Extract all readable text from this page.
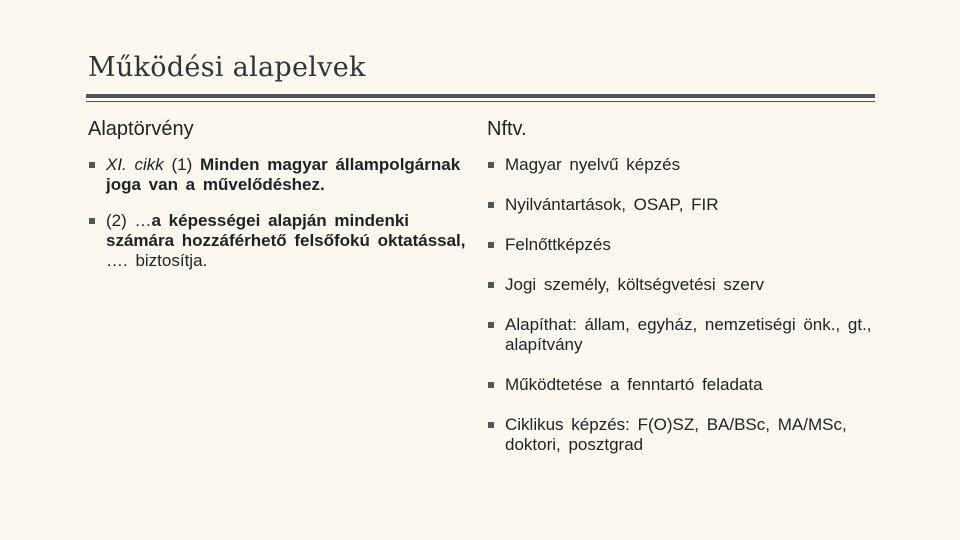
Működési alapelvek
Alaptörvény
XI. cikk (1) Minden magyar állampolgárnak joga van a művelődéshez.
(2) …a képességei alapján mindenki számára hozzáférhető felsőfokú oktatással, …. biztosítja.
Nftv.
Magyar nyelvű képzés
Nyilvántartások, OSAP, FIR
Felnőttképzés
Jogi személy, költségvetési szerv
Alapíthat: állam, egyház, nemzetiségi önk., gt., alapítvány
Működtetése a fenntartó feladata
Ciklikus képzés: F(O)SZ, BA/BSc, MA/MSc, doktori, posztgrad
